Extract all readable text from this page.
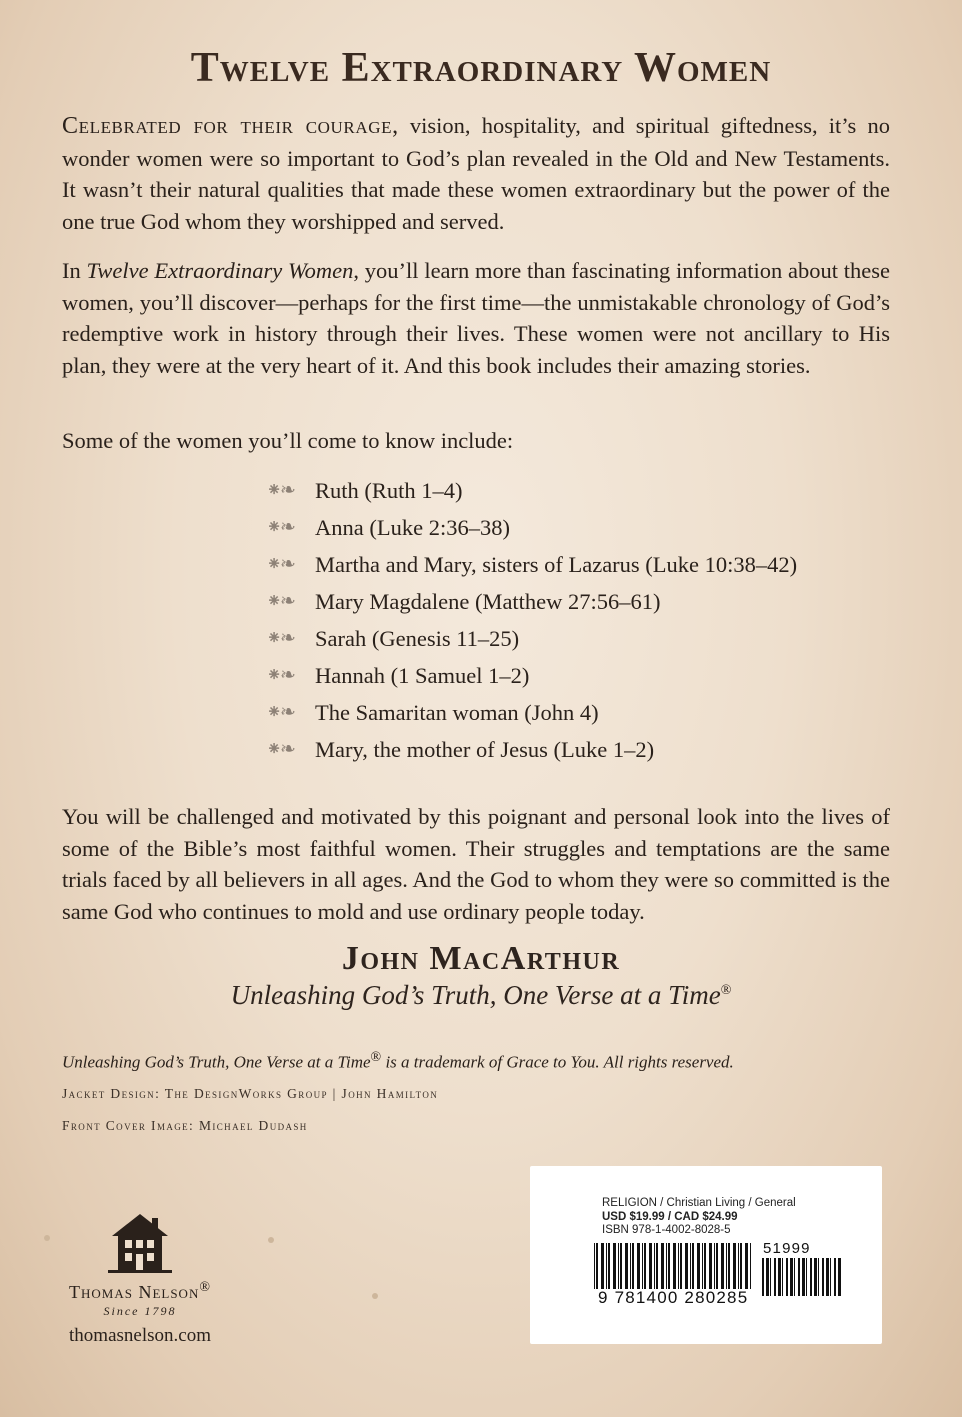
Twelve Extraordinary Women

Celebrated for their courage, vision, hospitality, and spiritual giftedness, it’s no wonder women were so important to God’s plan revealed in the Old and New Testaments. It wasn’t their natural qualities that made these women extraordinary but the power of the one true God whom they worshipped and served.

In Twelve Extraordinary Women, you’ll learn more than fascinating information about these women, you’ll discover—perhaps for the first time—the unmistakable chronology of God’s redemptive work in history through their lives. These women were not ancillary to His plan, they were at the very heart of it. And this book includes their amazing stories.

Some of the women you’ll come to know include:

⁕❧ Ruth (Ruth 1–4)
⁕❧ Anna (Luke 2:36–38)
⁕❧ Martha and Mary, sisters of Lazarus (Luke 10:38–42)
⁕❧ Mary Magdalene (Matthew 27:56–61)
⁕❧ Sarah (Genesis 11–25)
⁕❧ Hannah (1 Samuel 1–2)
⁕❧ The Samaritan woman (John 4)
⁕❧ Mary, the mother of Jesus (Luke 1–2)

You will be challenged and motivated by this poignant and personal look into the lives of some of the Bible’s most faithful women. Their struggles and temptations are the same trials faced by all believers in all ages. And the God to whom they were so committed is the same God who continues to mold and use ordinary people today.

John MacArthur

Unleashing God’s Truth, One Verse at a Time®

Unleashing God’s Truth, One Verse at a Time® is a trademark of Grace to You. All rights reserved.

Jacket Design: The DesignWorks Group | John Hamilton

Front Cover Image: Michael Dudash

Thomas Nelson®
Since 1798
thomasnelson.com

RELIGION / Christian Living / General
USD $19.99 / CAD $24.99
ISBN 978-1-4002-8028-5

51999
9 781400 280285
